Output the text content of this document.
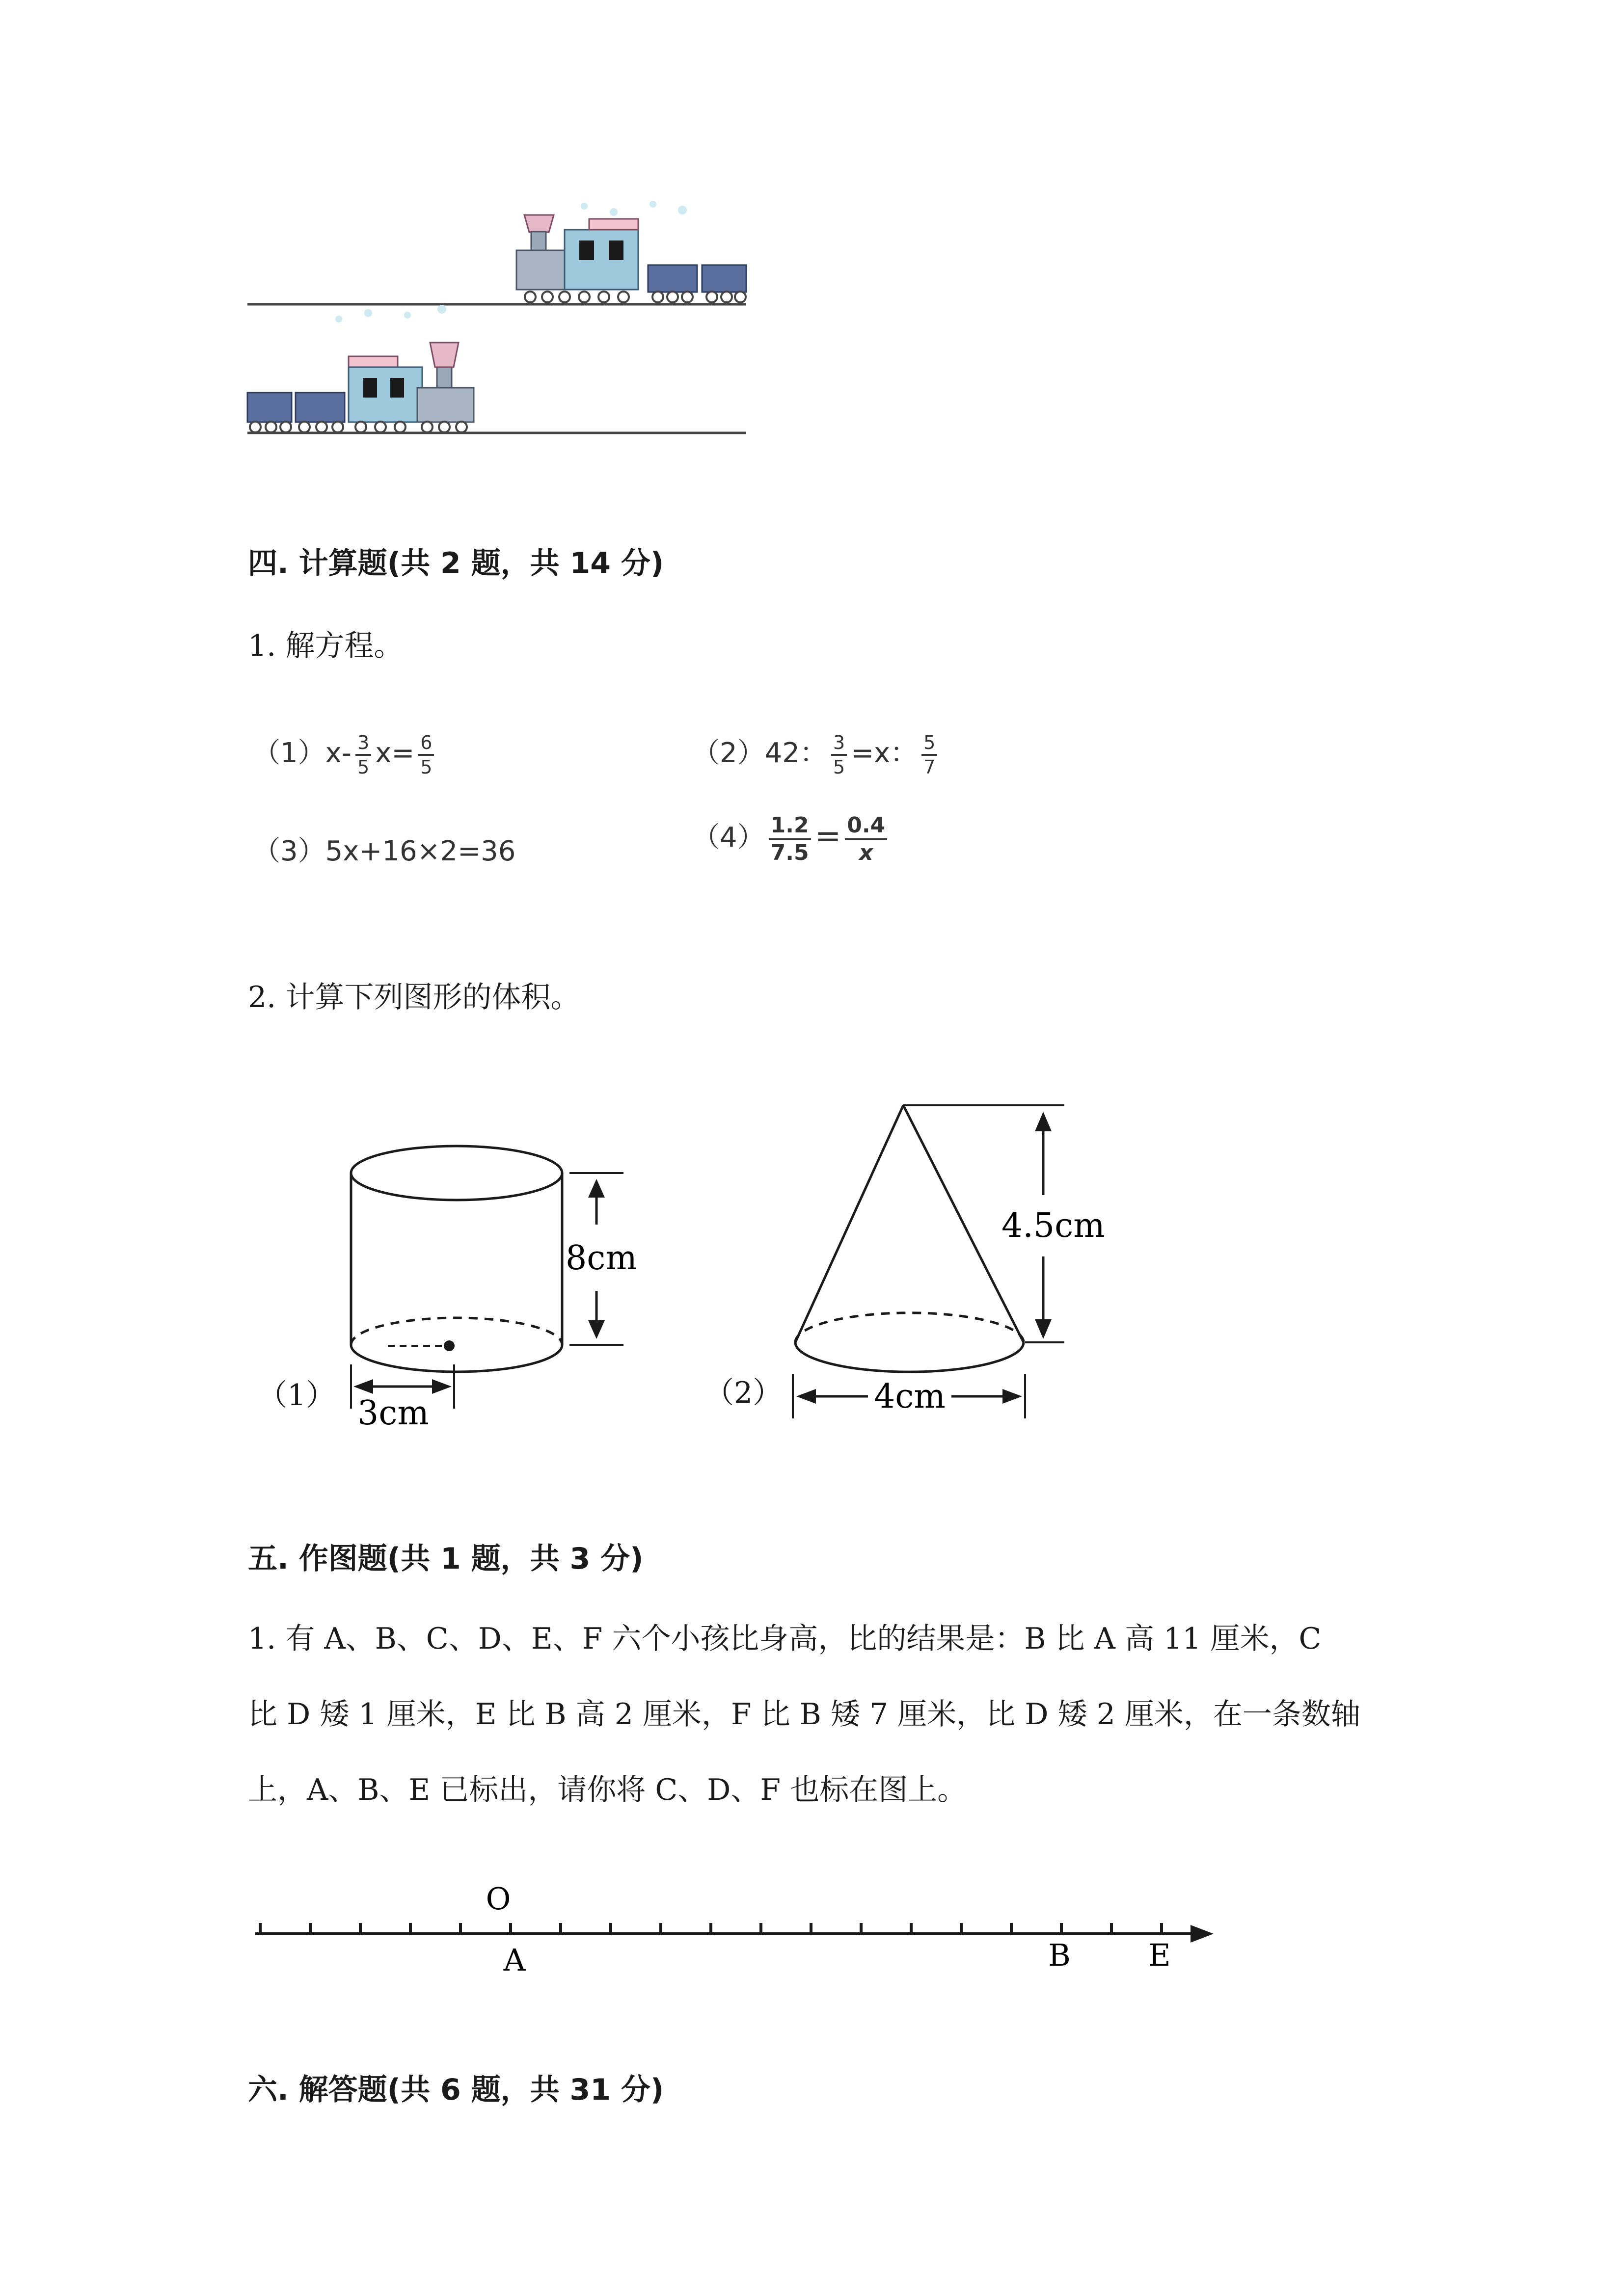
四. 计算题(共 2 题，共 14 分)
1. 解方程。
$(1)x- \frac{3}{5} x= \frac{6}{5}$	（2）42： $\frac{3}{5} =x$： $\frac{5}{7}$
（3）5x+16×2=36	$(4) \frac{1.2}{7.5} = \frac{0.4}{x}$
2. 计算下列图形的体积。
（1）
8cm
3cm
（2）
4.5cm
4cm
五. 作图题(共 1 题，共 3 分)
1. 有 A、B、C、D、E、F 六个小孩比身高，比的结果是：B 比 A 高 11 厘米，C
比 D 矮 1 厘米，E 比 B 高 2 厘米，F 比 B 矮 7 厘米，比 D 矮 2 厘米，在一条数轴
上，A、B、E 已标出，请你将 C、D、F 也标在图上。
O
A	B	E
六. 解答题(共 6 题，共 31 分)
